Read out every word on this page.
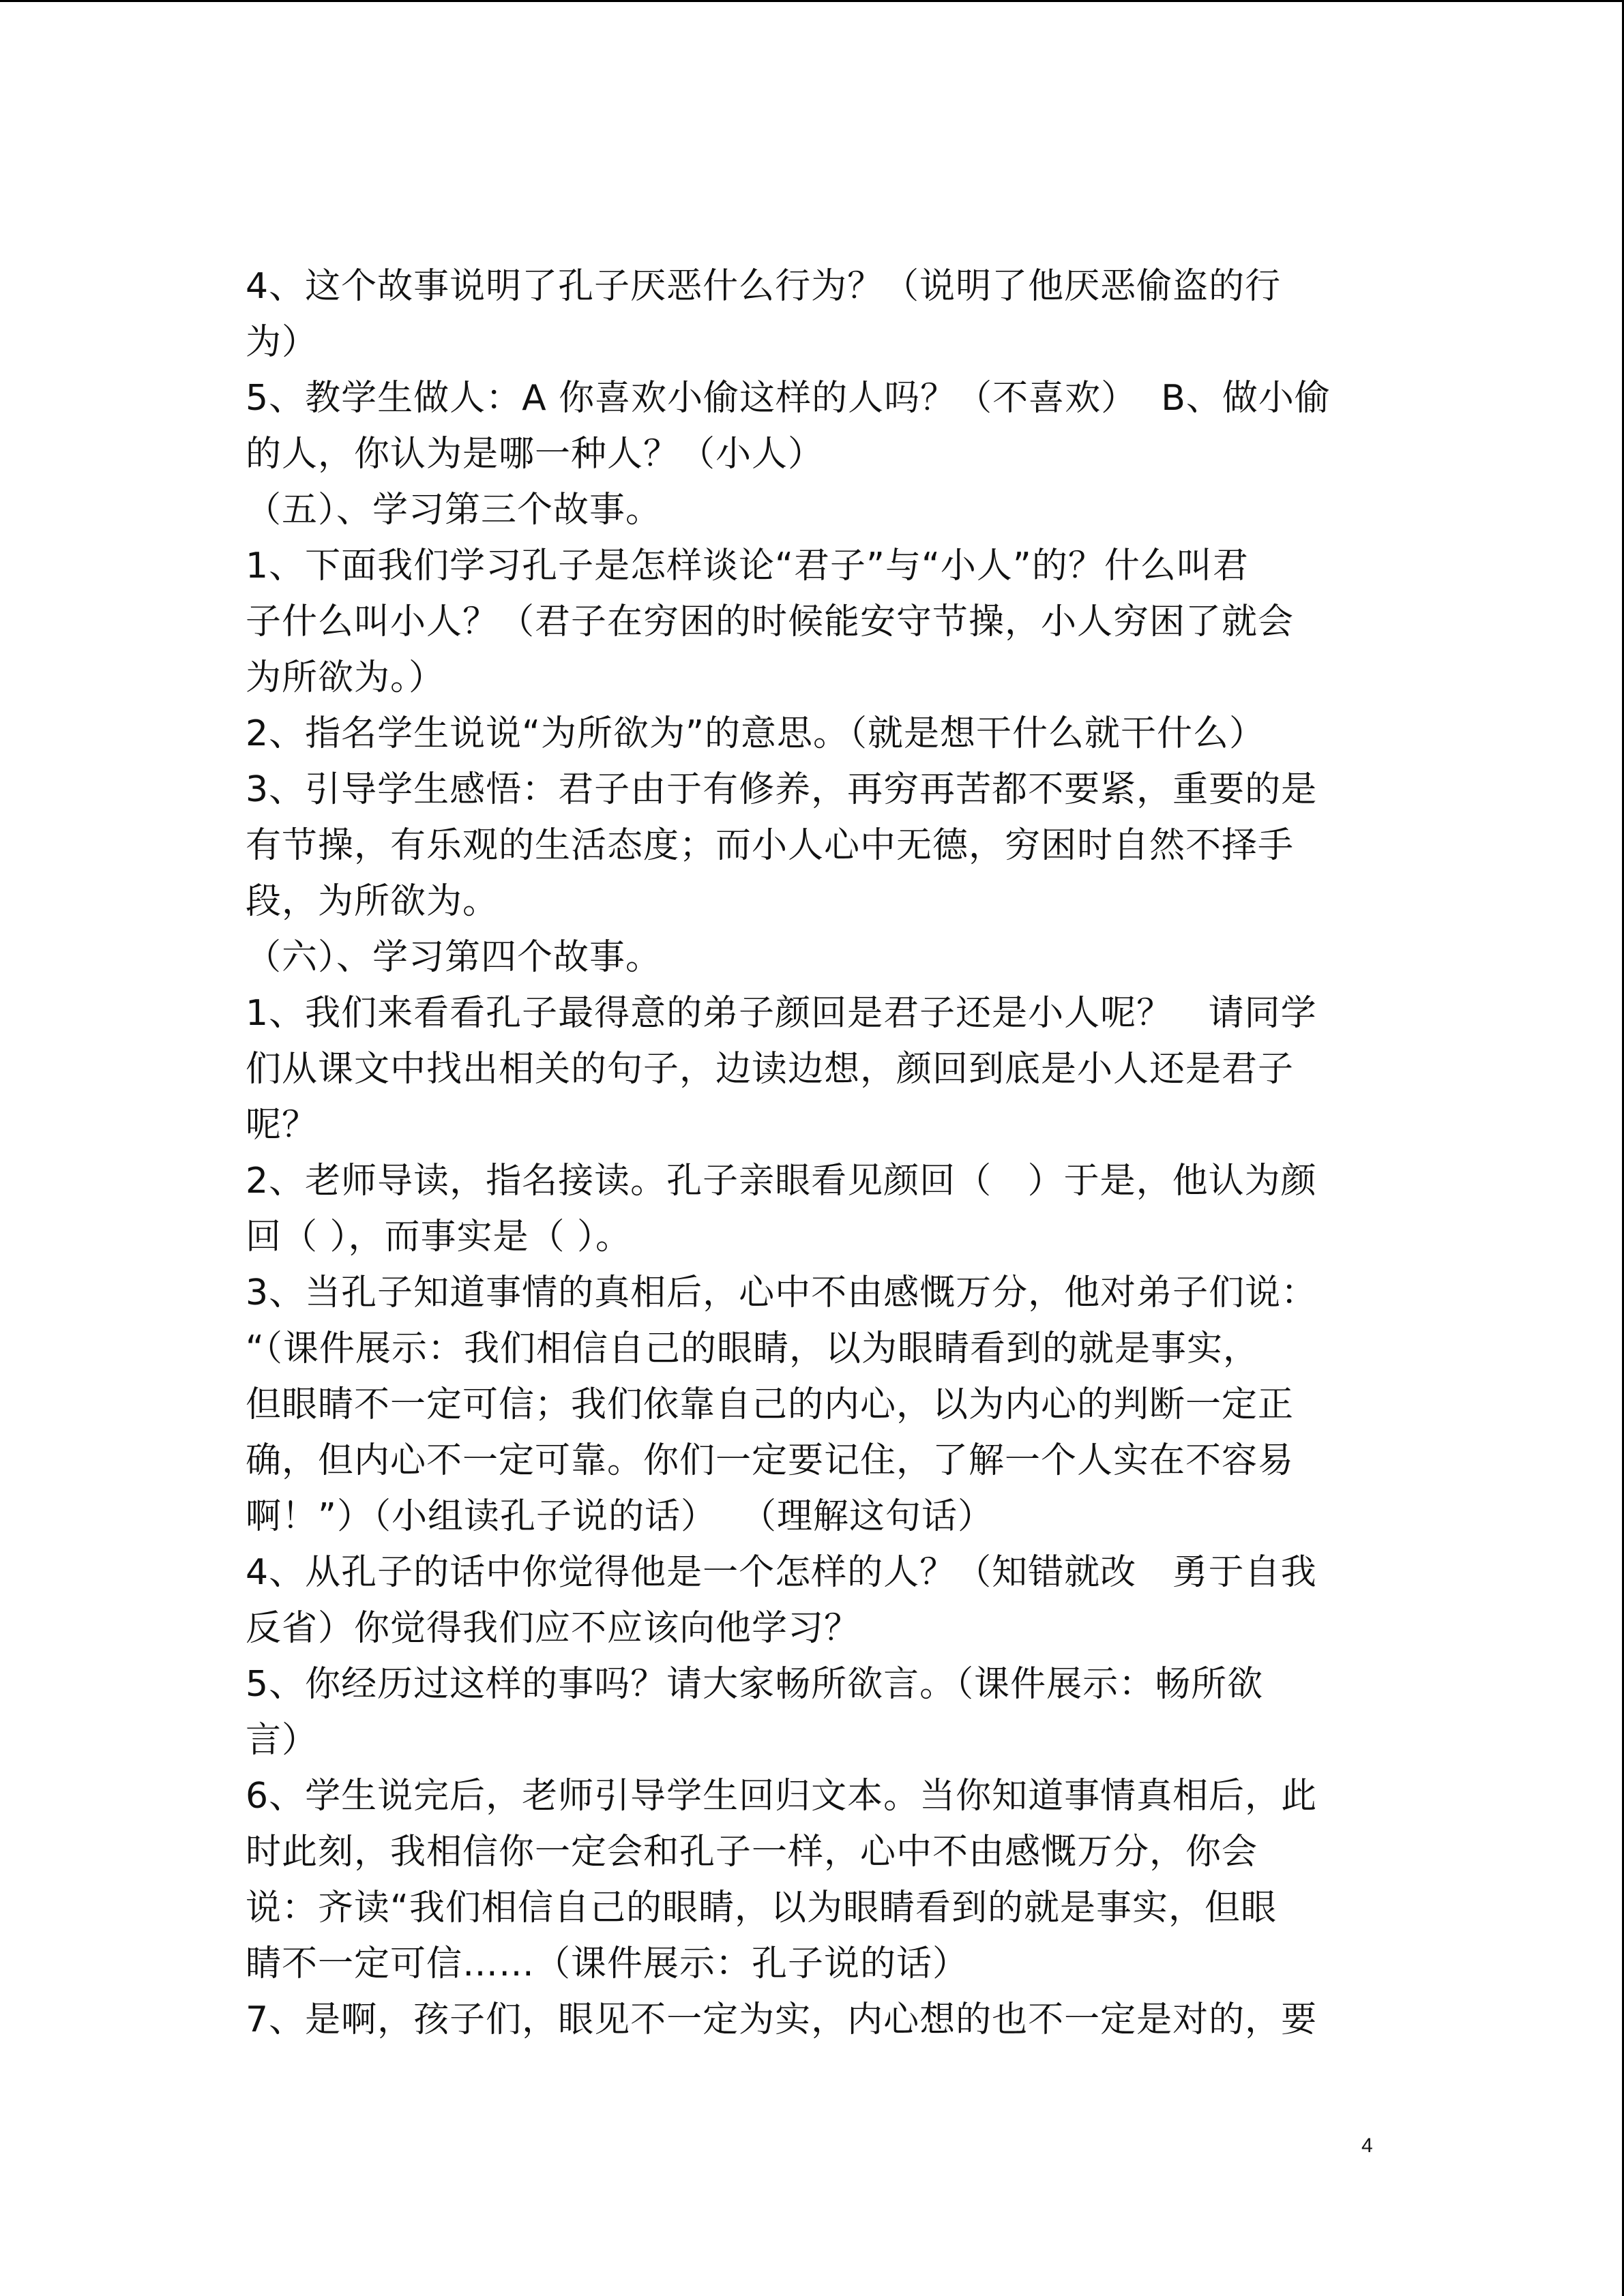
4、这个故事说明了孔子厌恶什么行为？（说明了他厌恶偷盗的行
为）
5、教学生做人：A 你喜欢小偷这样的人吗？（不喜欢）  B、做小偷
的人，你认为是哪一种人？（小人）
（五）、学习第三个故事。
1、下面我们学习孔子是怎样谈论“君子”与“小人”的？什么叫君
子什么叫小人？（君子在穷困的时候能安守节操，小人穷困了就会
为所欲为。）
2、指名学生说说“为所欲为”的意思。（就是想干什么就干什么）
3、引导学生感悟：君子由于有修养，再穷再苦都不要紧，重要的是
有节操，有乐观的生活态度；而小人心中无德，穷困时自然不择手
段，为所欲为。
（六）、学习第四个故事。
1、我们来看看孔子最得意的弟子颜回是君子还是小人呢？   请同学
们从课文中找出相关的句子，边读边想，颜回到底是小人还是君子
呢？
2、老师导读，指名接读。孔子亲眼看见颜回（   ）于是，他认为颜
回（ ），而事实是（ ）。
3、当孔子知道事情的真相后，心中不由感慨万分，他对弟子们说：
“（课件展示：我们相信自己的眼睛，以为眼睛看到的就是事实，
但眼睛不一定可信；我们依靠自己的内心，以为内心的判断一定正
确，但内心不一定可靠。你们一定要记住，了解一个人实在不容易
啊！”）（小组读孔子说的话）  （理解这句话）
4、从孔子的话中你觉得他是一个怎样的人？（知错就改   勇于自我
反省）你觉得我们应不应该向他学习？
5、你经历过这样的事吗？请大家畅所欲言。（课件展示：畅所欲
言）
6、学生说完后，老师引导学生回归文本。当你知道事情真相后，此
时此刻，我相信你一定会和孔子一样，心中不由感慨万分，你会
说：齐读“我们相信自己的眼睛，以为眼睛看到的就是事实，但眼
睛不一定可信……（课件展示：孔子说的话）
7、是啊，孩子们，眼见不一定为实，内心想的也不一定是对的，要
4
